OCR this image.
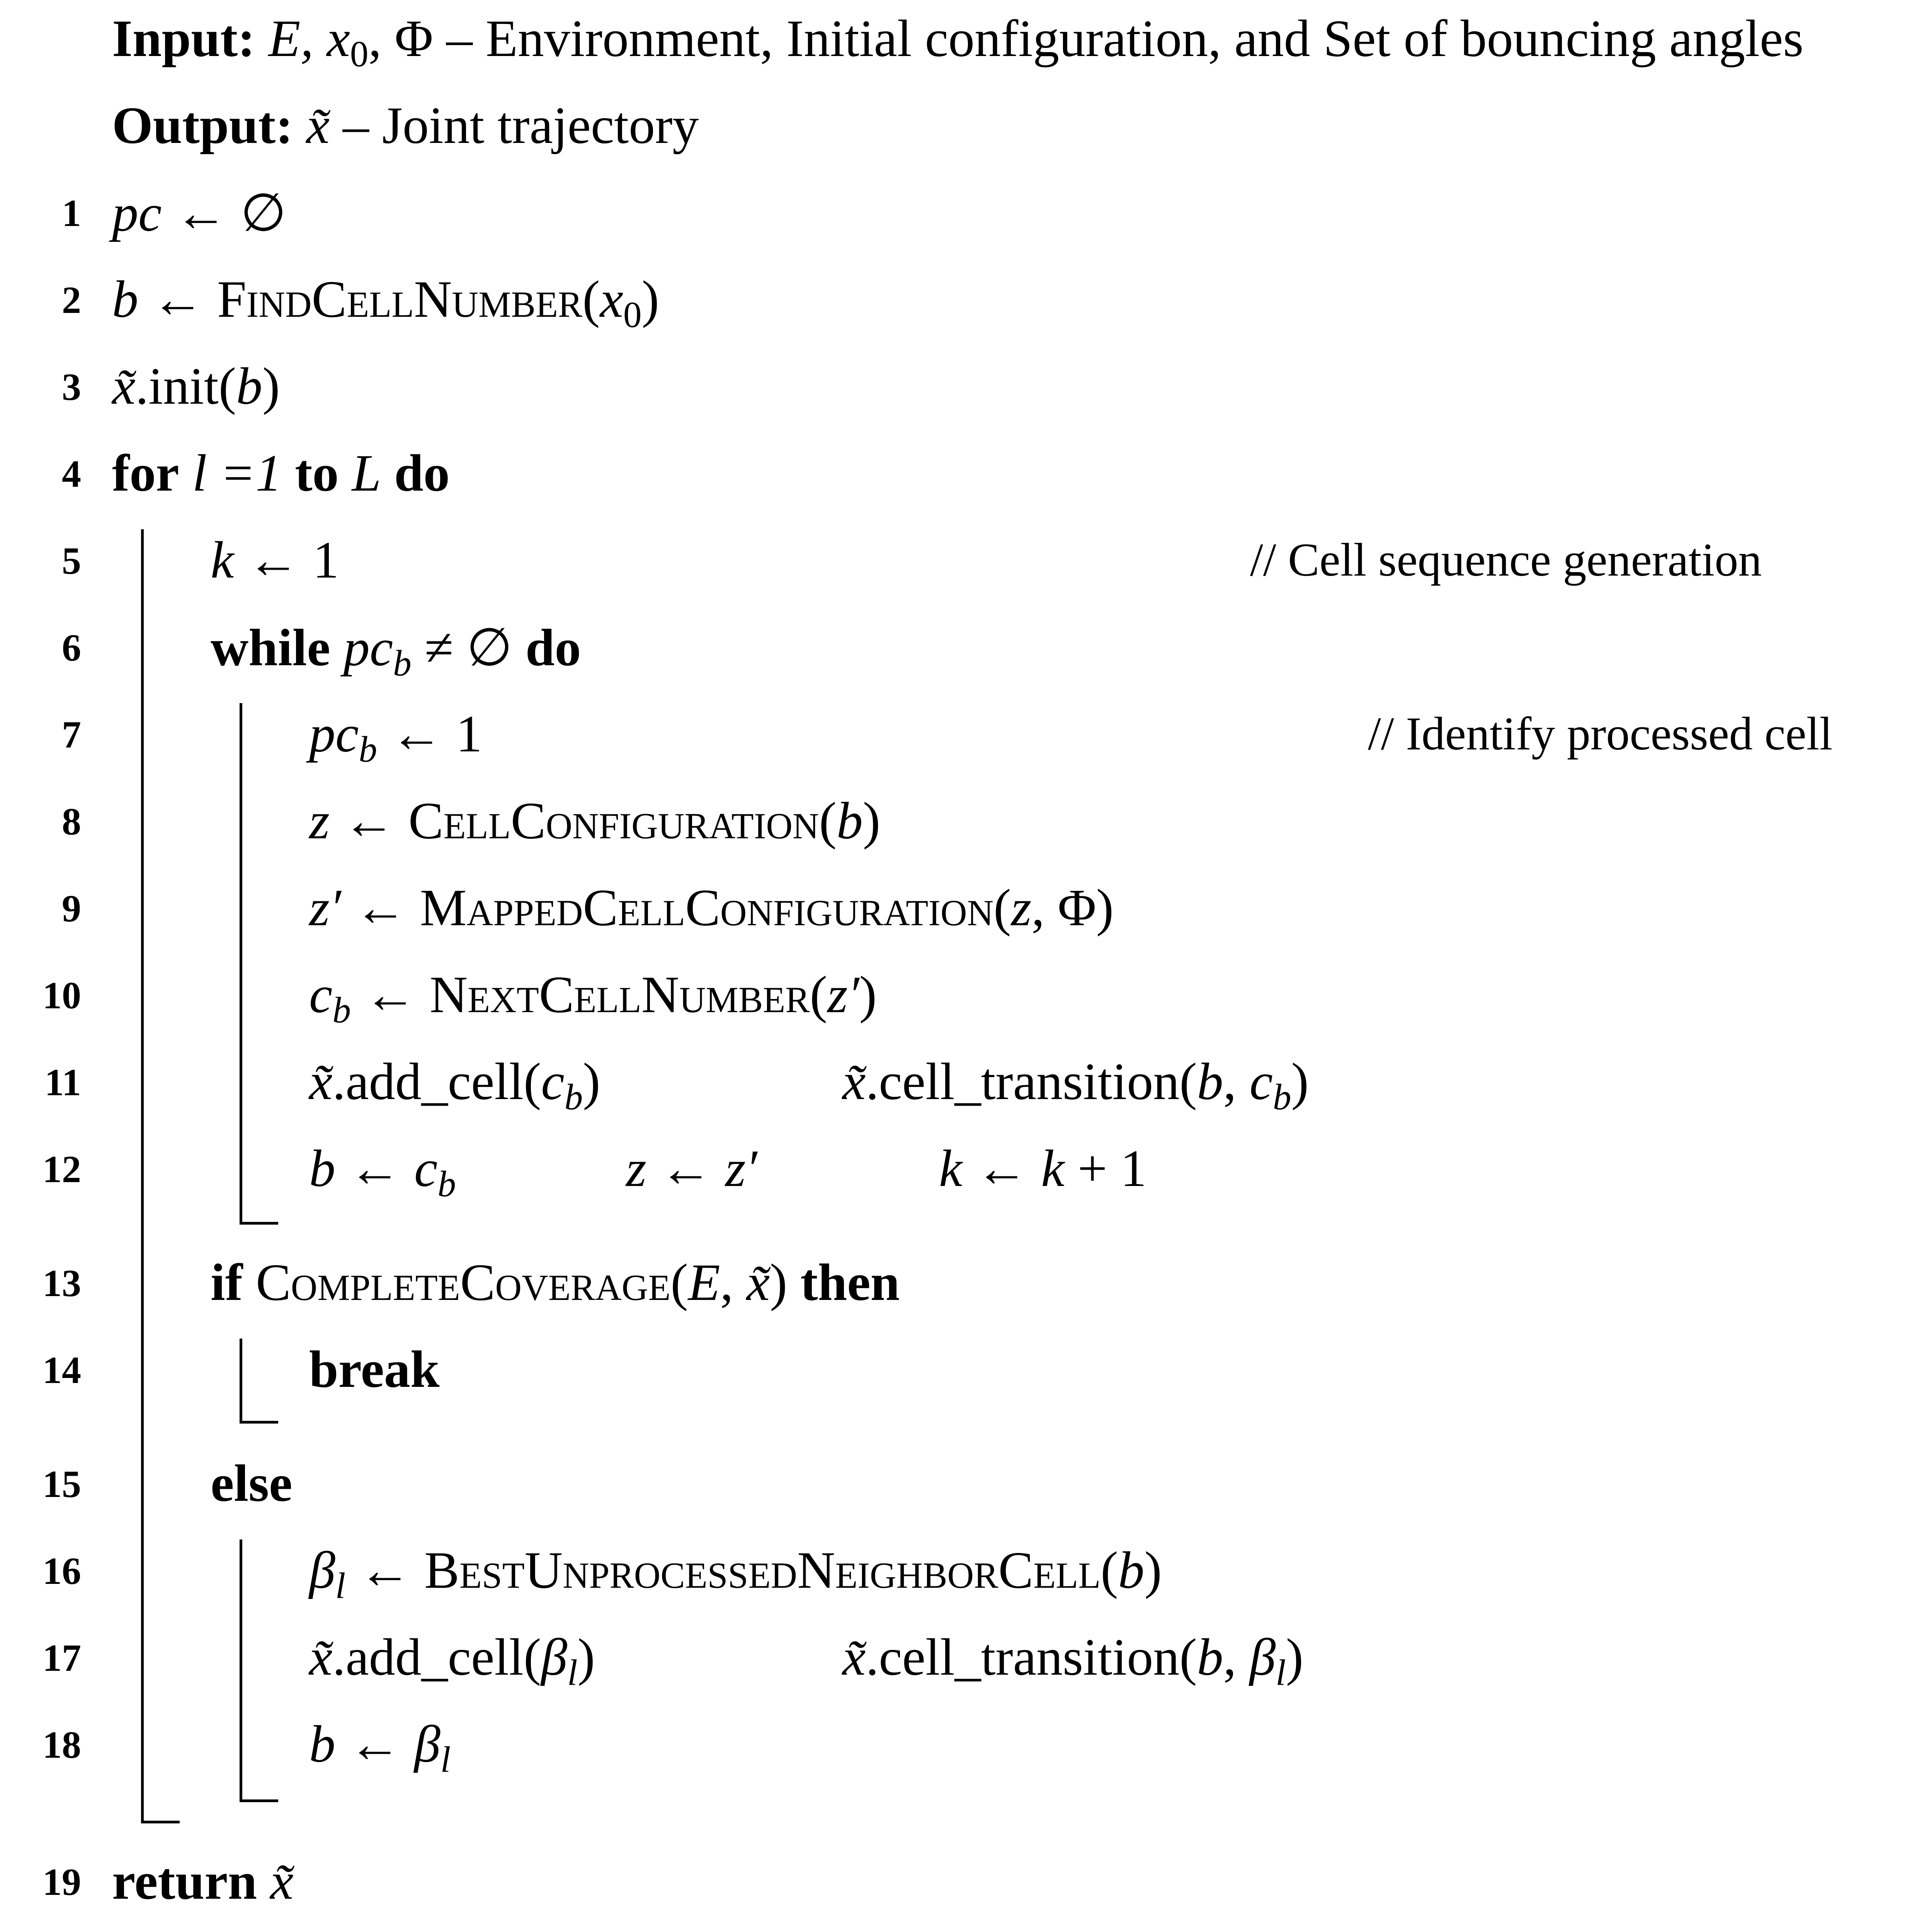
Input: E, $x_0$, Φ – Environment, Initial configuration, and Set of bouncing angles
Output: x̃ – Joint trajectory
1 pc ← ∅
2 b ← $FindCellNumber(x_0)$
3 x̃.init(b)
4 for l =1 to L do
5 k ← 1	// Cell sequence generation
6 while $pc_b$ ≠ ∅ do
7	$pc_b$ ← 1	// Identify processed cell
8	z ← CellConfiguration(b)
9	z′ ← MappedCellConfiguration(z, Φ)
10	$c_b$ ← NextCellNumber(z′)
11	$x̃.add\_cell(c_b)$	x̃.cell_transition(b, $c_b$)
12	b ← $c_b$	z ← z′	k ← k + 1
13 if CompleteCoverage(E, x̃) then
14	break
15 else
16	$\beta_l$ ← BestUnprocessedNeighborCell(b)
17	$x̃.add\_cell(\beta_l)$	x̃.cell_transition(b, $\beta_l$)
18	b ← $\beta_l$
19 return x̃
